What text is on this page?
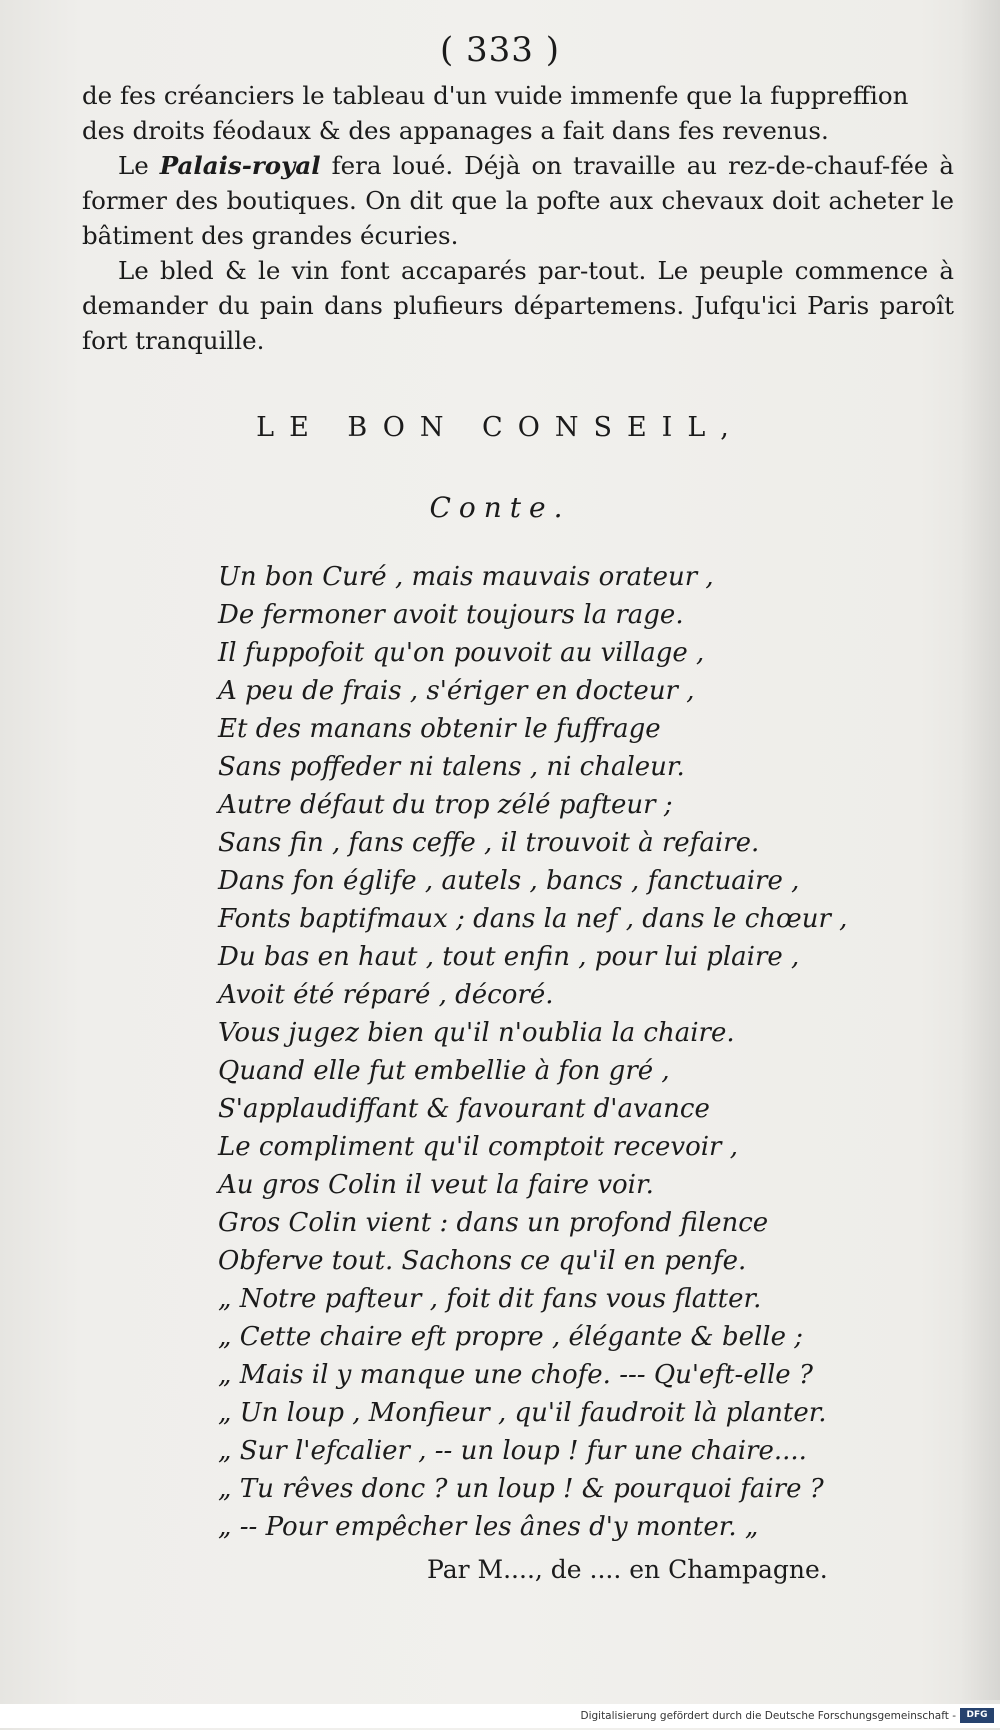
( 333 )

de fes créanciers le tableau d'un vuide immenfe que la fuppreffion
des droits féodaux & des appanages a fait dans fes revenus.

Le Palais-royal fera loué. Déjà on travaille au rez-de-chauf-fée à former des boutiques. On dit que la pofte aux chevaux doit acheter le bâtiment des grandes écuries.

Le bled & le vin font accaparés par-tout. Le peuple commence à demander du pain dans plufieurs départemens. Jufqu'ici Paris paroît fort tranquille.

LE BON CONSEIL,
Conte.
Un bon Curé , mais mauvais orateur ,
De fermoner avoit toujours la rage.
Il fuppofoit qu'on pouvoit au village ,
A peu de frais , s'ériger en docteur ,
Et des manans obtenir le fuffrage
Sans poffeder ni talens , ni chaleur.
Autre défaut du trop zélé pafteur ;
Sans fin , fans ceffe , il trouvoit à refaire.
Dans fon églife , autels , bancs , fanctuaire ,
Fonts baptifmaux ; dans la nef , dans le chœur ,
Du bas en haut , tout enfin , pour lui plaire ,
Avoit été réparé , décoré.
Vous jugez bien qu'il n'oublia la chaire.
Quand elle fut embellie à fon gré ,
S'applaudiffant & favourant d'avance
Le compliment qu'il comptoit recevoir ,
Au gros Colin il veut la faire voir.
Gros Colin vient : dans un profond filence
Obferve tout. Sachons ce qu'il en penfe.
„ Notre pafteur , foit dit fans vous flatter.
„ Cette chaire eft propre , élégante & belle ;
„ Mais il y manque une chofe. --- Qu'eft-elle ?
„ Un loup , Monfieur , qu'il faudroit là planter.
„ Sur l'efcalier , -- un loup ! fur une chaire....
„ Tu rêves donc ? un loup ! & pourquoi faire ?
„ -- Pour empêcher les ânes d'y monter. „
Par M...., de .... en Champagne.
Digitalisierung gefördert durch die Deutsche Forschungsgemeinschaft -	DFG
